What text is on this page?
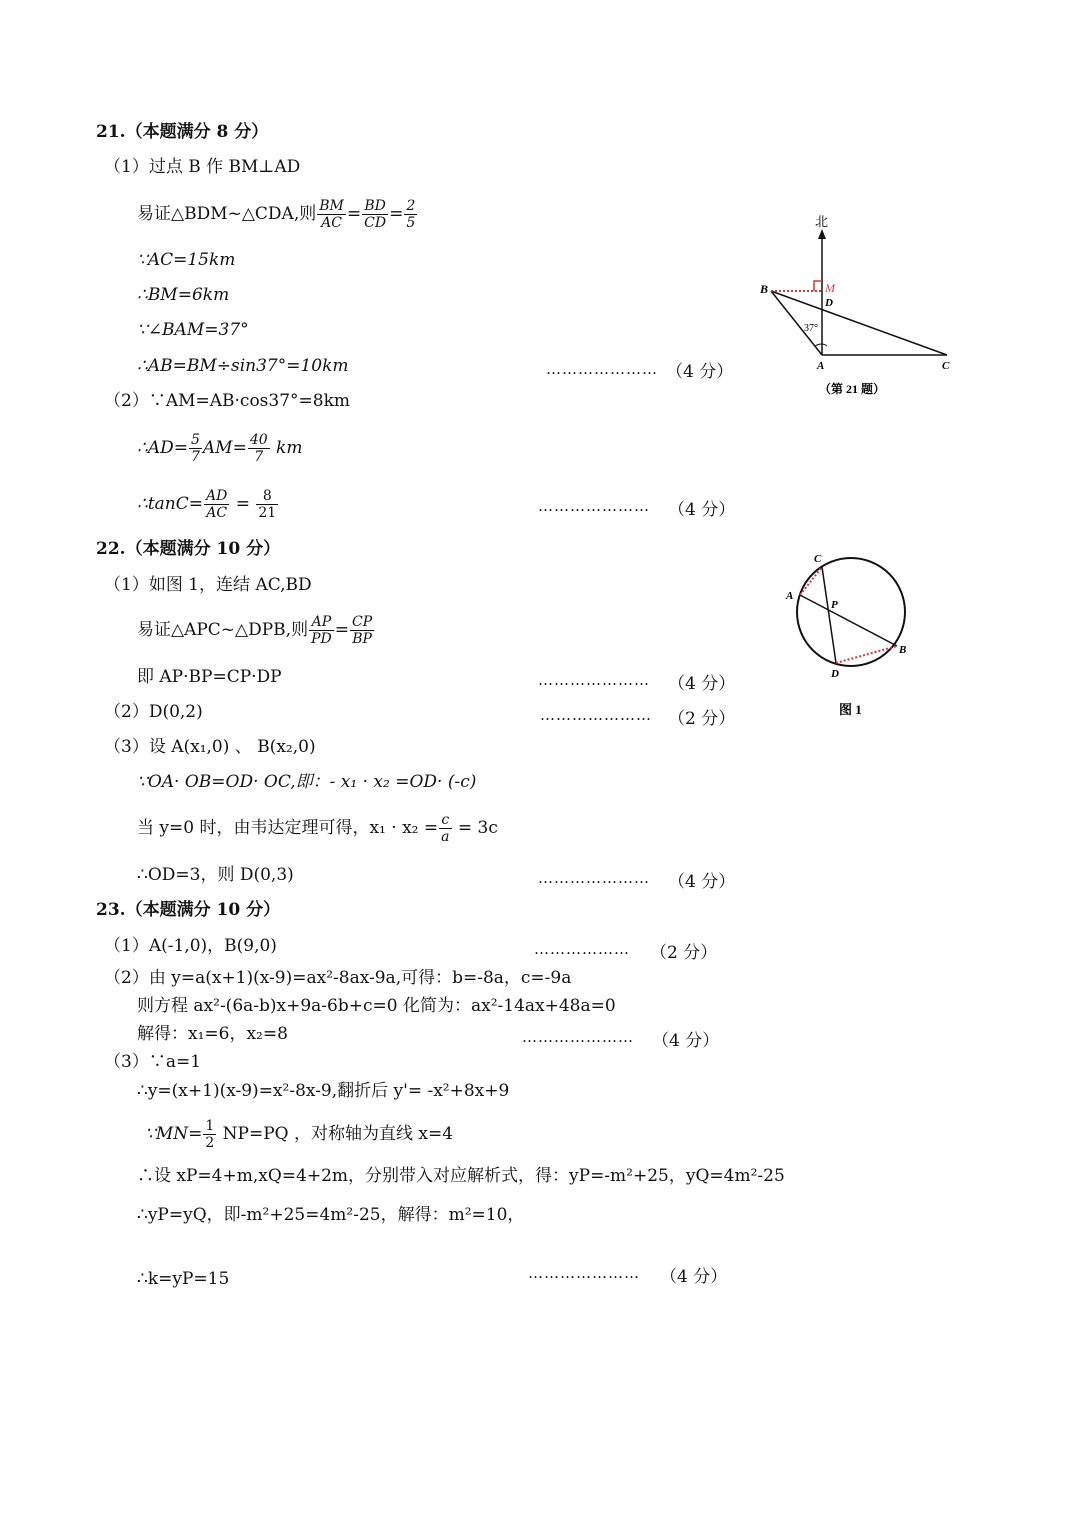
21.（本题满分 8 分）
（1）过点 B 作 BM⊥AD
易证△BDM~△CDA,则 $\frac{BM}{AC} = \frac{BD}{CD} = \frac{2}{5}$
∵AC=15km
∴BM=6km
∵∠BAM=37°
∴AB=BM÷sin37°=10km	………………… （4 分）
（2）∵AM=AB·cos37°=8km
∴AD= $\frac{5}{7} AM= \frac{40}{7}$ km
∴tanC= $\frac{AD}{AC} = \frac{8}{21}$	………………… （4 分）
北
B	M
D
37°
A	C
（第 21 题）
22.（本题满分 10 分）
（1）如图 1，连结 AC,BD
易证△APC~△DPB,则 $\frac{AP}{PD} = \frac{CP}{BP}$
即 AP·BP=CP·DP	………………… （4 分）
（2）D(0,2)	………………… （2 分）
（3）设 A(x₁,0) 、 B(x₂,0)
∵OA· OB=OD· OC,即：- x₁ · x₂ =OD· (-c)
当 y=0 时，由韦达定理可得，$x_1 \cdot x_2 = \frac{c}{a} = 3c$
∴OD=3，则 D(0,3)	………………… （4 分）
C
A
P
B
D
图 1
23.（本题满分 10 分）
（1）A(-1,0)，B(9,0)	……………… （2 分）
（2）由 y=a(x+1)(x-9)=ax²-8ax-9a,可得：b=-8a，c=-9a
则方程 ax²-(6a-b)x+9a-6b+c=0 化简为：ax²-14ax+48a=0
解得：x₁=6，x₂=8	………………… （4 分）
（3）∵a=1
∴y=(x+1)(x-9)=x²-8x-9,翻折后 y'= -x²+8x+9
∵MN= $\frac{1}{2} NP=PQ$ ，对称轴为直线 x=4
∴设 xP=4+m,xQ=4+2m，分别带入对应解析式，得：yP=-m²+25，yQ=4m²-25
∴yP=yQ，即-m²+25=4m²-25，解得：m²=10，
∴k=yP=15	………………… （4 分）
